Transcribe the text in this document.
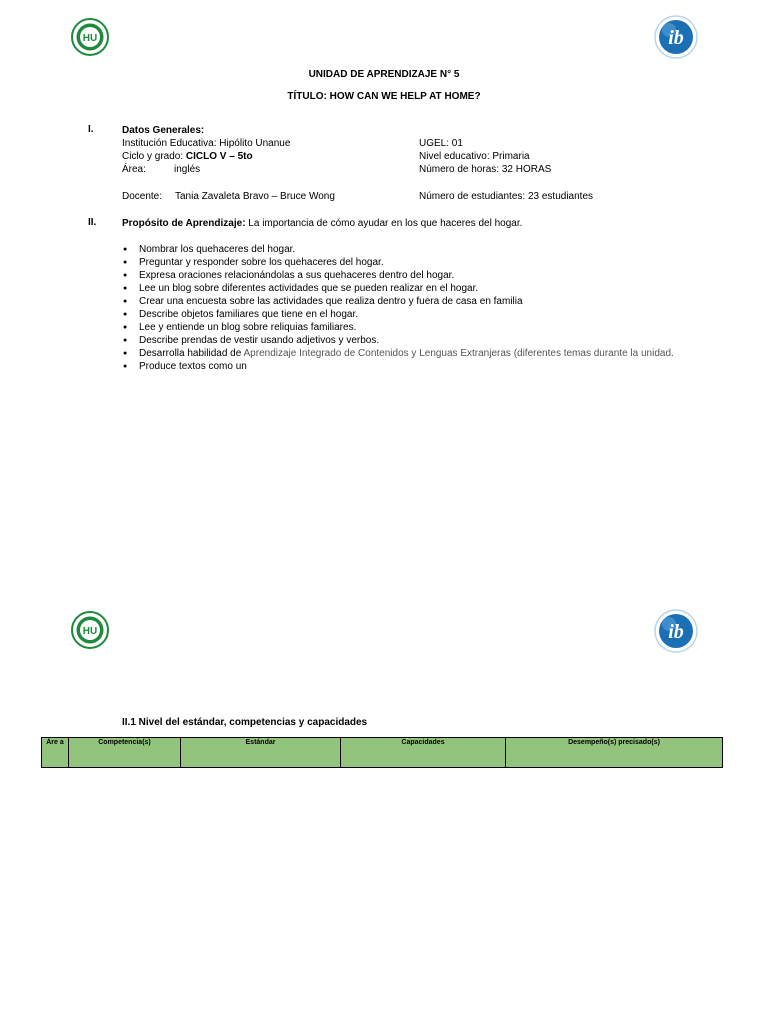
HU	ib
UNIDAD DE APRENDIZAJE N° 5
TÍTULO: HOW CAN WE HELP AT HOME?
I.	Datos Generales:
Institución Educativa: Hipólito Unanue	UGEL: 01
Ciclo y grado: CICLO V – 5to	Nivel educativo: Primaria
Área:	inglés	Número de horas: 32 HORAS
Docente: Tania Zavaleta Bravo – Bruce Wong	Número de estudiantes: 23 estudiantes
II.	Propósito de Aprendizaje: La importancia de cómo ayudar en los que haceres del hogar.
● Nombrar los quehaceres del hogar.
● Preguntar y responder sobre los quehaceres del hogar.
● Expresa oraciones relacionándolas a sus quehaceres dentro del hogar.
● Lee un blog sobre diferentes actividades que se pueden realizar en el hogar.
● Crear una encuesta sobre las actividades que realiza dentro y fuera de casa en familia
● Describe objetos familiares que tiene en el hogar.
● Lee y entiende un blog sobre reliquias familiares.
● Describe prendas de vestir usando adjetivos y verbos.
● Desarrolla habilidad de Aprendizaje Integrado de Contenidos y Lenguas Extranjeras (diferentes temas durante la unidad.
● Produce textos como un
HU	ib
II.1 Nivel del estándar, competencias y capacidades
Áre a	Competencia(s)	Estándar	Capacidades	Desempeño(s) precisado(s)
